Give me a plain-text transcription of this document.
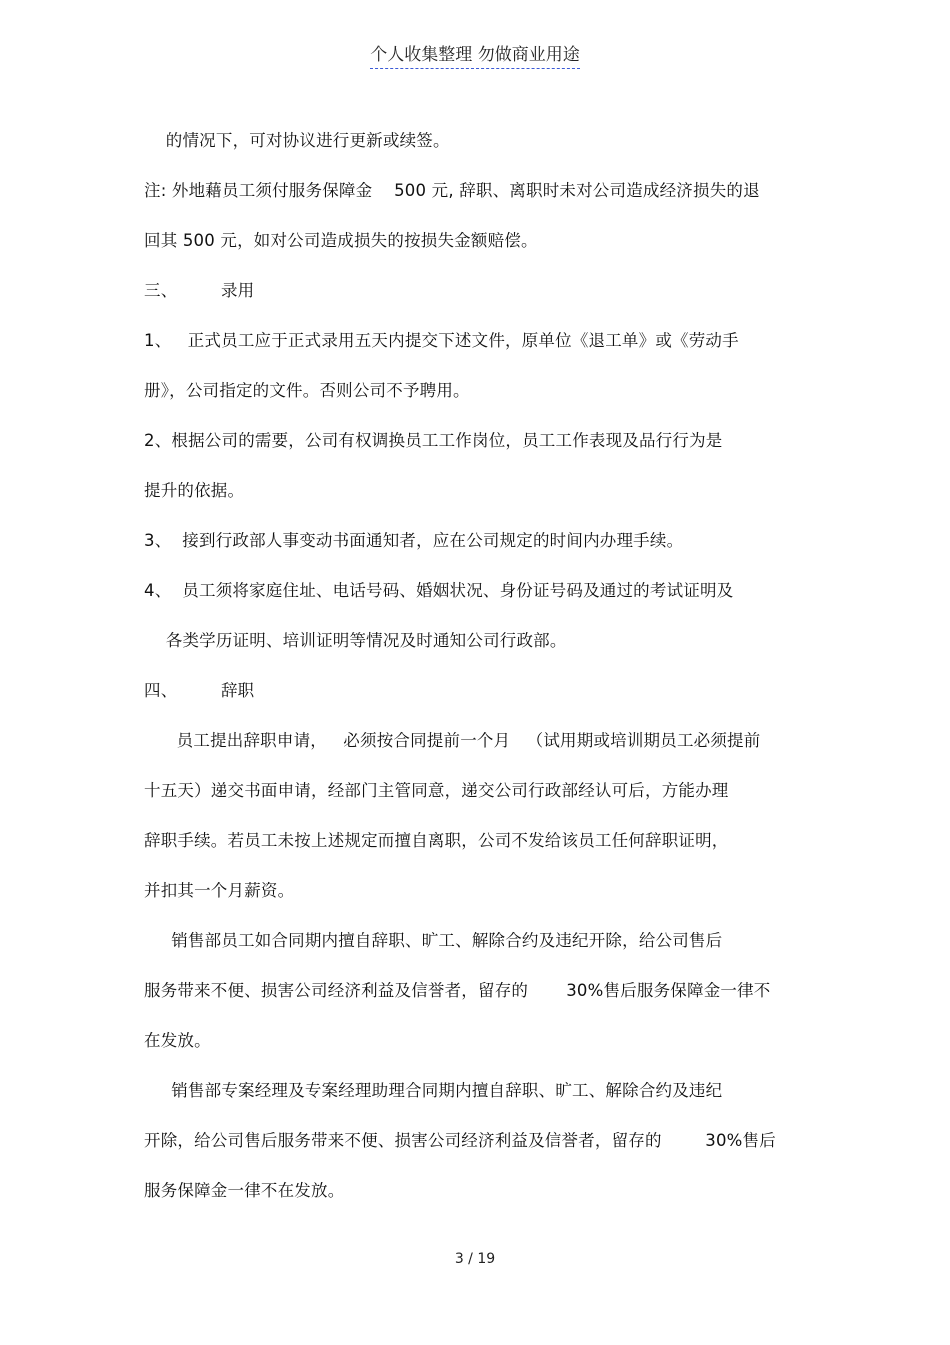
个人收集整理 勿做商业用途
的情况下，可对协议进行更新或续签。
注: 外地藉员工须付服务保障金    500 元, 辞职、离职时未对公司造成经济损失的退
回其 500 元，如对公司造成损失的按损失金额赔偿。
三、        录用
1、   正式员工应于正式录用五天内提交下述文件，原单位《退工单》或《劳动手
册》，公司指定的文件。否则公司不予聘用。
2、根据公司的需要，公司有权调换员工工作岗位，员工工作表现及品行行为是
提升的依据。
3、  接到行政部人事变动书面通知者，应在公司规定的时间内办理手续。
4、  员工须将家庭住址、电话号码、婚姻状况、身份证号码及通过的考试证明及
各类学历证明、培训证明等情况及时通知公司行政部。
四、        辞职
员工提出辞职申请，   必须按合同提前一个月   （试用期或培训期员工必须提前
十五天）递交书面申请，经部门主管同意，递交公司行政部经认可后，方能办理
辞职手续。若员工未按上述规定而擅自离职，公司不发给该员工任何辞职证明，
并扣其一个月薪资。
销售部员工如合同期内擅自辞职、旷工、解除合约及违纪开除，给公司售后
服务带来不便、损害公司经济利益及信誉者，留存的       30%售后服务保障金一律不
在发放。
销售部专案经理及专案经理助理合同期内擅自辞职、旷工、解除合约及违纪
开除，给公司售后服务带来不便、损害公司经济利益及信誉者，留存的        30%售后
服务保障金一律不在发放。
3 / 19
